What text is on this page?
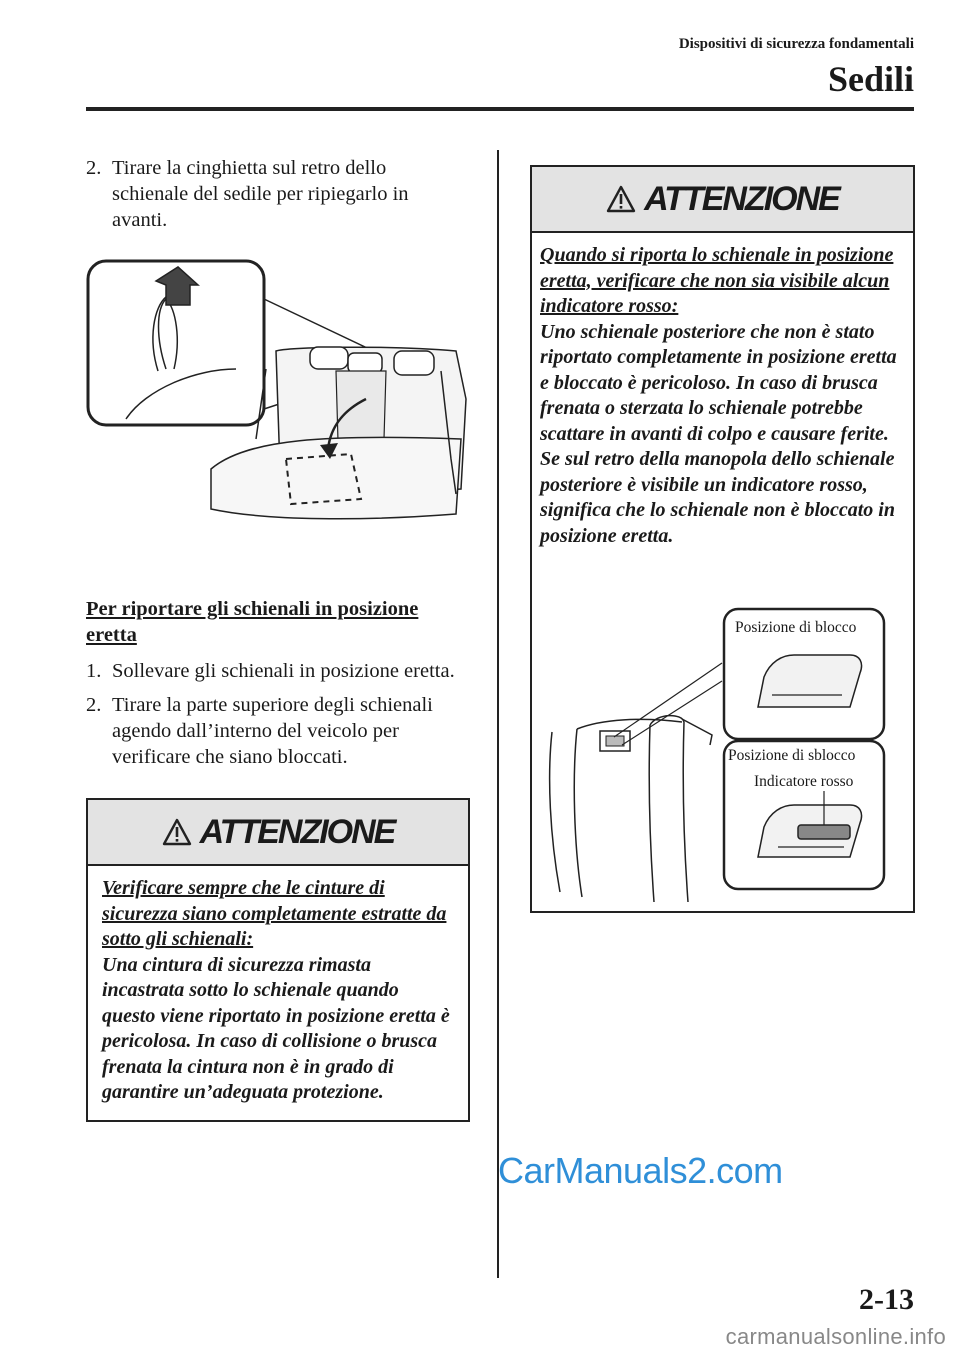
Dispositivi di sicurezza fondamentali
Sedili
2. Tirare la cinghietta sul retro dello schienale del sedile per ripiegarlo in avanti.
Per riportare gli schienali in posizione eretta
1. Sollevare gli schienali in posizione eretta.
2. Tirare la parte superiore degli schienali agendo dall’interno del veicolo per verificare che siano bloccati.
ATTENZIONE
Verificare sempre che le cinture di sicurezza siano completamente estratte da sotto gli schienali:
Una cintura di sicurezza rimasta incastrata sotto lo schienale quando questo viene riportato in posizione eretta è pericolosa. In caso di collisione o brusca frenata la cintura non è in grado di garantire un’adeguata protezione.
ATTENZIONE
Quando si riporta lo schienale in posizione eretta, verificare che non sia visibile alcun indicatore rosso:
Uno schienale posteriore che non è stato riportato completamente in posizione eretta e bloccato è pericoloso. In caso di brusca frenata o sterzata lo schienale potrebbe scattare in avanti di colpo e causare ferite. Se sul retro della manopola dello schienale posteriore è visibile un indicatore rosso, significa che lo schienale non è bloccato in posizione eretta.
Posizione di blocco
Posizione di sblocco
Indicatore rosso
CarManuals2.com
2-13
carmanualsonline.info
